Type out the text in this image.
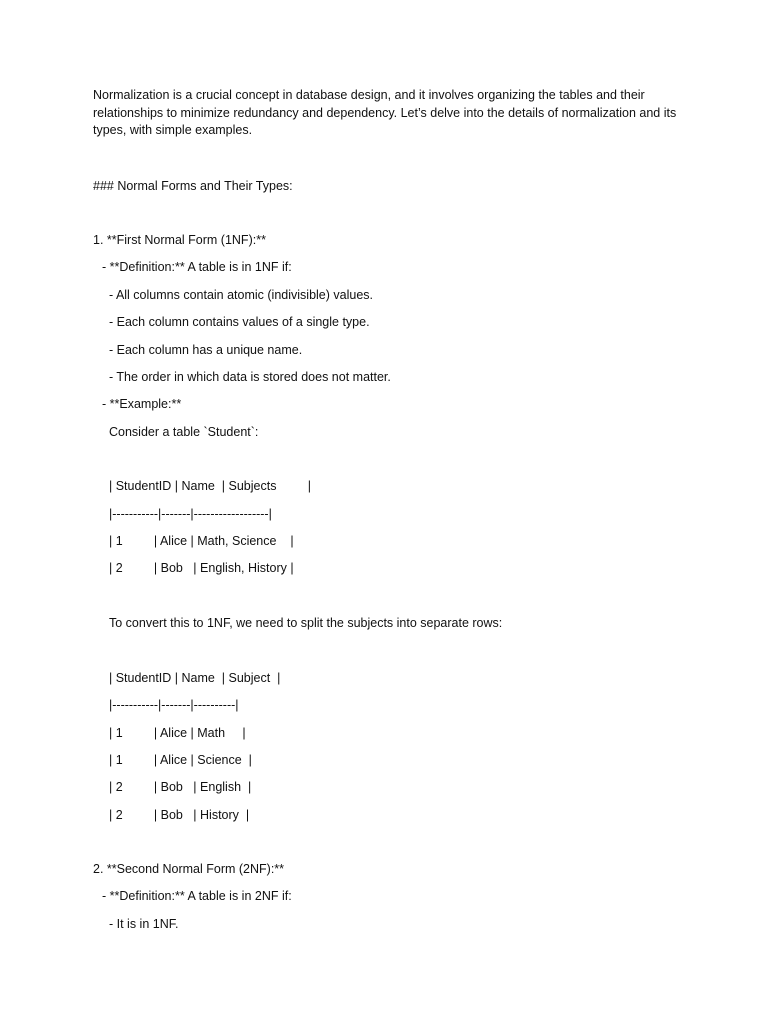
Normalization is a crucial concept in database design, and it involves organizing the tables and their relationships to minimize redundancy and dependency. Let’s delve into the details of normalization and its types, with simple examples.
### Normal Forms and Their Types:
1. **First Normal Form (1NF):**
- **Definition:** A table is in 1NF if:
- All columns contain atomic (indivisible) values.
- Each column contains values of a single type.
- Each column has a unique name.
- The order in which data is stored does not matter.
- **Example:**
Consider a table `Student`:
| StudentID | Name  | Subjects         |
|-----------|-------|------------------|
| 1         | Alice | Math, Science    |
| 2         | Bob   | English, History |
To convert this to 1NF, we need to split the subjects into separate rows:
| StudentID | Name  | Subject  |
|-----------|-------|----------|
| 1         | Alice | Math     |
| 1         | Alice | Science  |
| 2         | Bob   | English  |
| 2         | Bob   | History  |
2. **Second Normal Form (2NF):**
- **Definition:** A table is in 2NF if:
- It is in 1NF.
